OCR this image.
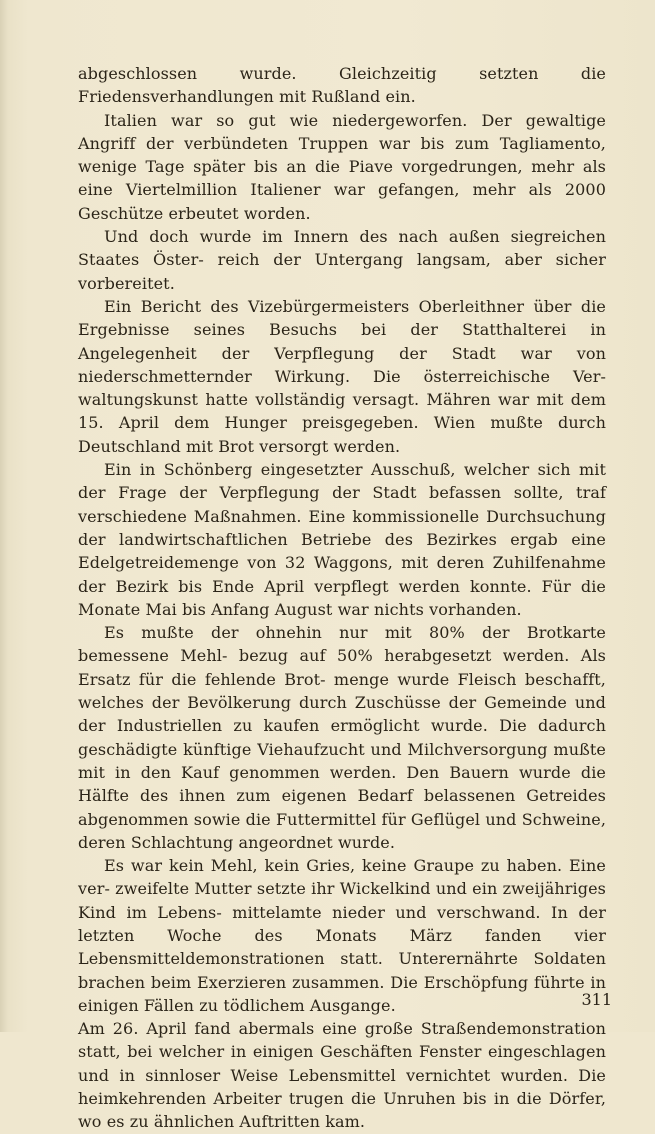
abgeschlossen wurde. Gleichzeitig setzten die Friedensverhandlungen mit Rußland ein.

Italien war so gut wie niedergeworfen. Der gewaltige Angriff der verbündeten Truppen war bis zum Tagliamento, wenige Tage später bis an die Piave vorgedrungen, mehr als eine Viertelmillion Italiener war gefangen, mehr als 2000 Geschütze erbeutet worden.

Und doch wurde im Innern des nach außen siegreichen Staates Öster- reich der Untergang langsam, aber sicher vorbereitet.

Ein Bericht des Vizebürgermeisters Oberleithner über die Ergebnisse seines Besuchs bei der Statthalterei in Angelegenheit der Verpflegung der Stadt war von niederschmetternder Wirkung. Die österreichische Ver- waltungskunst hatte vollständig versagt. Mähren war mit dem 15. April dem Hunger preisgegeben. Wien mußte durch Deutschland mit Brot versorgt werden.

Ein in Schönberg eingesetzter Ausschuß, welcher sich mit der Frage der Verpflegung der Stadt befassen sollte, traf verschiedene Maßnahmen. Eine kommissionelle Durchsuchung der landwirtschaftlichen Betriebe des Bezirkes ergab eine Edelgetreidemenge von 32 Waggons, mit deren Zuhilfenahme der Bezirk bis Ende April verpflegt werden konnte. Für die Monate Mai bis Anfang August war nichts vorhanden.

Es mußte der ohnehin nur mit 80% der Brotkarte bemessene Mehl- bezug auf 50% herabgesetzt werden. Als Ersatz für die fehlende Brot- menge wurde Fleisch beschafft, welches der Bevölkerung durch Zuschüsse der Gemeinde und der Industriellen zu kaufen ermöglicht wurde. Die dadurch geschädigte künftige Viehaufzucht und Milchversorgung mußte mit in den Kauf genommen werden. Den Bauern wurde die Hälfte des ihnen zum eigenen Bedarf belassenen Getreides abgenommen sowie die Futtermittel für Geflügel und Schweine, deren Schlachtung angeordnet wurde.

Es war kein Mehl, kein Gries, keine Graupe zu haben. Eine ver- zweifelte Mutter setzte ihr Wickelkind und ein zweijähriges Kind im Lebens- mittelamte nieder und verschwand. In der letzten Woche des Monats März fanden vier Lebensmitteldemonstrationen statt. Unterernährte Soldaten brachen beim Exerzieren zusammen. Die Erschöpfung führte in einigen Fällen zu tödlichem Ausgange.

Am 26. April fand abermals eine große Straßendemonstration statt, bei welcher in einigen Geschäften Fenster eingeschlagen und in sinnloser Weise Lebensmittel vernichtet wurden. Die heimkehrenden Arbeiter trugen die Unruhen bis in die Dörfer, wo es zu ähnlichen Auftritten kam.

311
